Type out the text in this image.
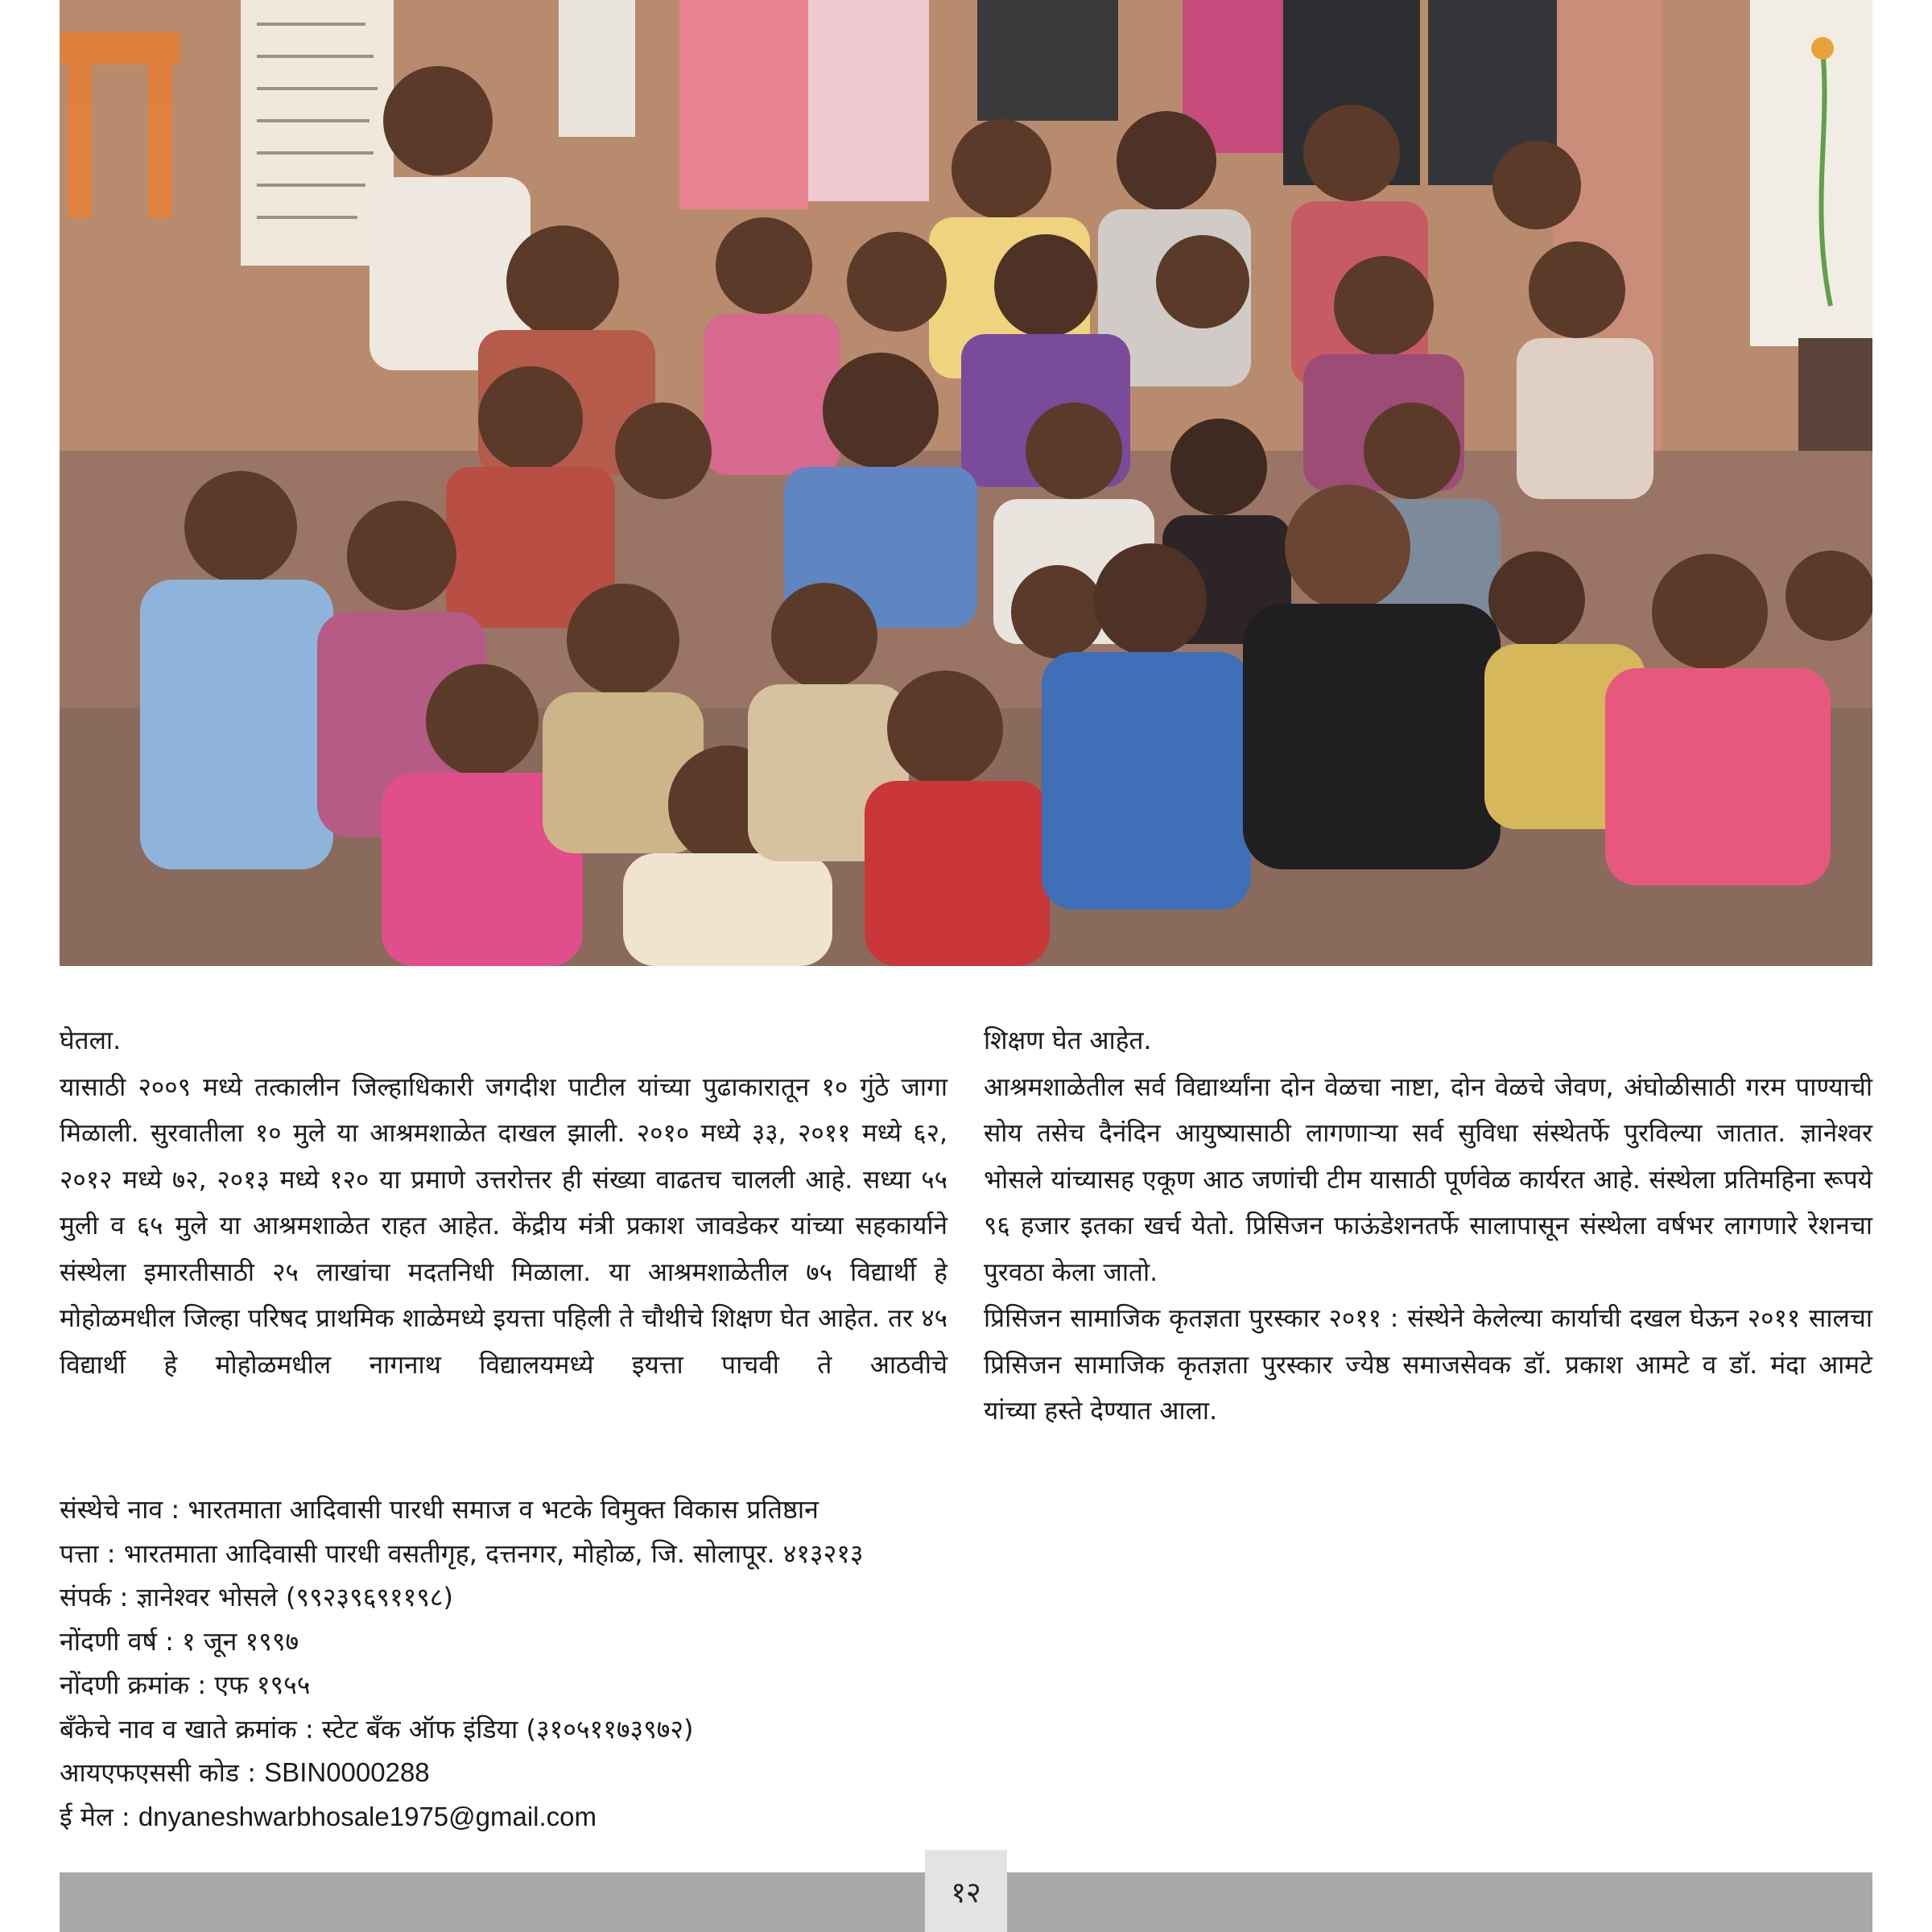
घेतला.

यासाठी २००९ मध्ये तत्कालीन जिल्हाधिकारी जगदीश पाटील यांच्या पुढाकारातून १० गुंठे जागा मिळाली. सुरवातीला १० मुले या आश्रमशाळेत दाखल झाली. २०१० मध्ये ३३, २०११ मध्ये ६२, २०१२ मध्ये ७२, २०१३ मध्ये १२० या प्रमाणे उत्तरोत्तर ही संख्या वाढतच चालली आहे. सध्या ५५ मुली व ६५ मुले या आश्रमशाळेत राहत आहेत. केंद्रीय मंत्री प्रकाश जावडेकर यांच्या सहकार्याने संस्थेला इमारतीसाठी २५ लाखांचा मदतनिधी मिळाला. या आश्रमशाळेतील ७५ विद्यार्थी हे मोहोळमधील जिल्हा परिषद प्राथमिक शाळेमध्ये इयत्ता पहिली ते चौथीचे शिक्षण घेत आहेत. तर ४५ विद्यार्थी हे मोहोळमधील नागनाथ विद्यालयमध्ये इयत्ता पाचवी ते आठवीचे

शिक्षण घेत आहेत.

आश्रमशाळेतील सर्व विद्यार्थ्यांना दोन वेळचा नाष्टा, दोन वेळचे जेवण, अंघोळीसाठी गरम पाण्याची सोय तसेच दैनंदिन आयुष्यासाठी लागणाऱ्या सर्व सुविधा संस्थेतर्फे पुरविल्या जातात. ज्ञानेश्वर भोसले यांच्यासह एकूण आठ जणांची टीम यासाठी पूर्णवेळ कार्यरत आहे. संस्थेला प्रतिमहिना रूपये ९६ हजार इतका खर्च येतो. प्रिसिजन फाऊंडेशनतर्फे सालापासून संस्थेला वर्षभर लागणारे रेशनचा पुरवठा केला जातो.

प्रिसिजन सामाजिक कृतज्ञता पुरस्कार २०११ : संस्थेने केलेल्या कार्याची दखल घेऊन २०११ सालचा प्रिसिजन सामाजिक कृतज्ञता पुरस्कार ज्येष्ठ समाजसेवक डॉ. प्रकाश आमटे व डॉ. मंदा आमटे यांच्या हस्ते देण्यात आला.

संस्थेचे नाव : भारतमाता आदिवासी पारधी समाज व भटके विमुक्त विकास प्रतिष्ठान
पत्ता : भारतमाता आदिवासी पारधी वसतीगृह, दत्तनगर, मोहोळ, जि. सोलापूर. ४१३२१३
संपर्क : ज्ञानेश्वर भोसले (९९२३९६९११९८)
नोंदणी वर्ष : १ जून १९९७
नोंदणी क्रमांक : एफ १९५५
बँकेचे नाव व खाते क्रमांक : स्टेट बँक ऑफ इंडिया (३१०५११७३९७२)
आयएफएससी कोड : SBIN0000288
ई मेल : dnyaneshwarbhosale1975@gmail.com
१२
